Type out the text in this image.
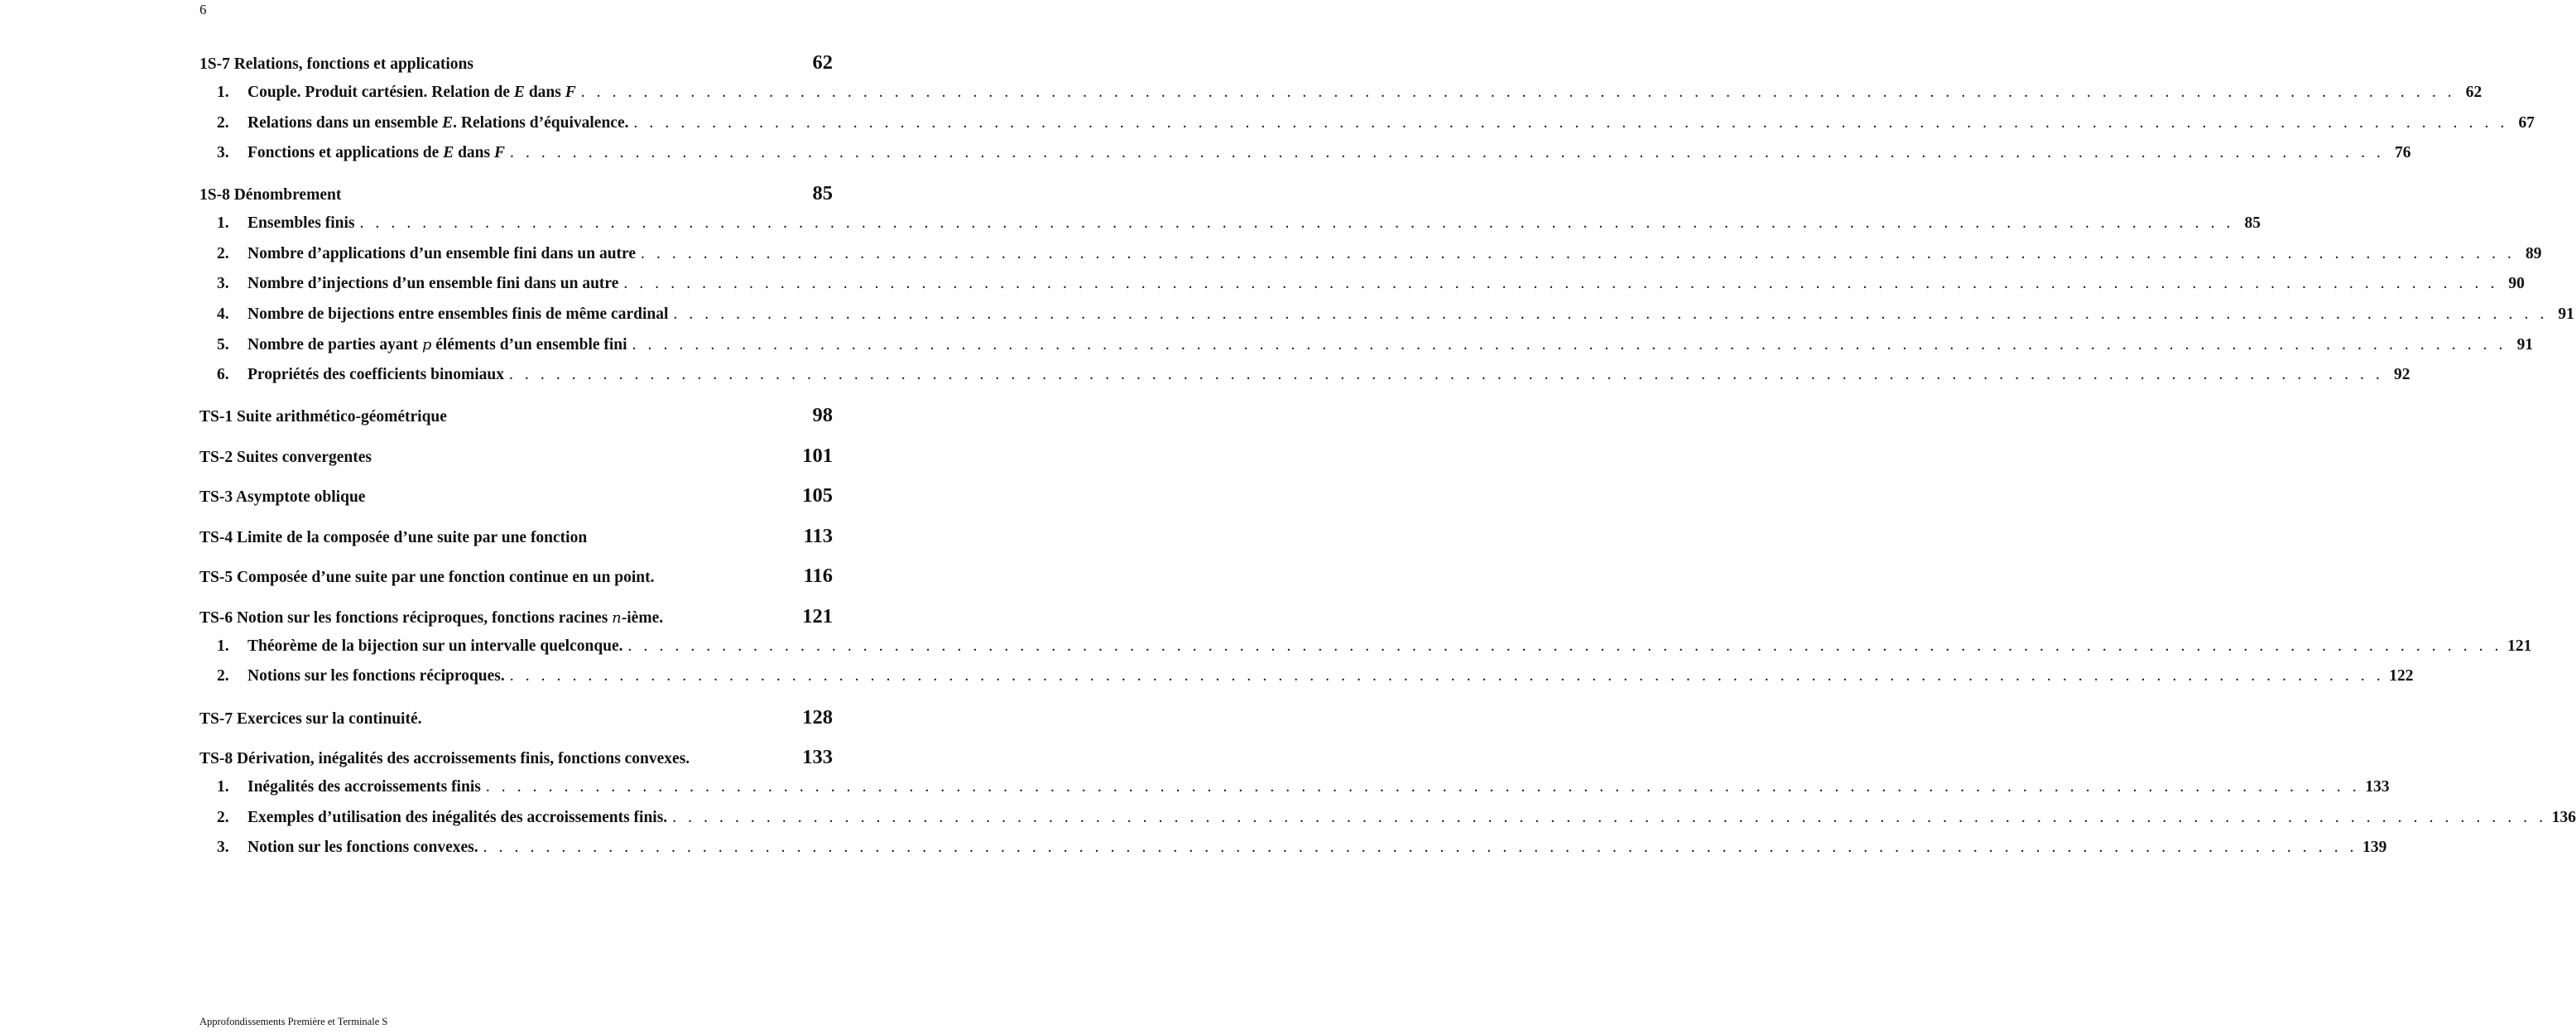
6
1S-7 Relations, fonctions et applications	62
1.	Couple. Produit cartésien. Relation de E dans F . . . . . . . . . . . . . . . . . . . . . . . . . . . . . . . . . . . . . . . . . . . . . . . . . . . . . . . . . . . . . . . . . . . . . . . . . . . . . . . . . . . . . . . . . . . . . . . . . . . . . . . . . . . . . . . . . . . . . . . . 62
2.	Relations dans un ensemble E. Relations d’équivalence. . . . . . . . . . . . . . . . . . . . . . . . . . . . . . . . . . . . . . . . . . . . . . . . . . . . . . . . . . . . . . . . . . . . . . . . . . . . . . . . . . . . . . . . . . . . . . . . . . . . . . . . . . . . . . . . . . . . . . . . . 67
3.	Fonctions et applications de E dans F . . . . . . . . . . . . . . . . . . . . . . . . . . . . . . . . . . . . . . . . . . . . . . . . . . . . . . . . . . . . . . . . . . . . . . . . . . . . . . . . . . . . . . . . . . . . . . . . . . . . . . . . . . . . . . . . . . . . . . . . 76
1S-8 Dénombrement	85
1.	Ensembles finis . . . . . . . . . . . . . . . . . . . . . . . . . . . . . . . . . . . . . . . . . . . . . . . . . . . . . . . . . . . . . . . . . . . . . . . . . . . . . . . . . . . . . . . . . . . . . . . . . . . . . . . . . . . . . . . . . . . . . . . . 85
2.	Nombre d’applications d’un ensemble fini dans un autre . . . . . . . . . . . . . . . . . . . . . . . . . . . . . . . . . . . . . . . . . . . . . . . . . . . . . . . . . . . . . . . . . . . . . . . . . . . . . . . . . . . . . . . . . . . . . . . . . . . . . . . . . . . . . . . . . . . . . . . . 89
3.	Nombre d’injections d’un ensemble fini dans un autre . . . . . . . . . . . . . . . . . . . . . . . . . . . . . . . . . . . . . . . . . . . . . . . . . . . . . . . . . . . . . . . . . . . . . . . . . . . . . . . . . . . . . . . . . . . . . . . . . . . . . . . . . . . . . . . . . . . . . . . . 90
4.	Nombre de bijections entre ensembles finis de même cardinal . . . . . . . . . . . . . . . . . . . . . . . . . . . . . . . . . . . . . . . . . . . . . . . . . . . . . . . . . . . . . . . . . . . . . . . . . . . . . . . . . . . . . . . . . . . . . . . . . . . . . . . . . . . . . . . . . . . . . . . . 91
5.	Nombre de parties ayant p éléments d’un ensemble fini . . . . . . . . . . . . . . . . . . . . . . . . . . . . . . . . . . . . . . . . . . . . . . . . . . . . . . . . . . . . . . . . . . . . . . . . . . . . . . . . . . . . . . . . . . . . . . . . . . . . . . . . . . . . . . . . . . . . . . . . 91
6.	Propriétés des coefficients binomiaux . . . . . . . . . . . . . . . . . . . . . . . . . . . . . . . . . . . . . . . . . . . . . . . . . . . . . . . . . . . . . . . . . . . . . . . . . . . . . . . . . . . . . . . . . . . . . . . . . . . . . . . . . . . . . . . . . . . . . . . . 92
TS-1 Suite arithmético-géométrique	98
TS-2 Suites convergentes	101
TS-3 Asymptote oblique	105
TS-4 Limite de la composée d’une suite par une fonction	113
TS-5 Composée d’une suite par une fonction continue en un point.	116
TS-6 Notion sur les fonctions réciproques, fonctions racines n-ième.	121
1.	Théorème de la bijection sur un intervalle quelconque. . . . . . . . . . . . . . . . . . . . . . . . . . . . . . . . . . . . . . . . . . . . . . . . . . . . . . . . . . . . . . . . . . . . . . . . . . . . . . . . . . . . . . . . . . . . . . . . . . . . . . . . . . . . . . . . . . . . . . . . . 121
2.	Notions sur les fonctions réciproques. . . . . . . . . . . . . . . . . . . . . . . . . . . . . . . . . . . . . . . . . . . . . . . . . . . . . . . . . . . . . . . . . . . . . . . . . . . . . . . . . . . . . . . . . . . . . . . . . . . . . . . . . . . . . . . . . . . . . . . . . 122
TS-7 Exercices sur la continuité.	128
TS-8 Dérivation, inégalités des accroissements finis, fonctions convexes.	133
1.	Inégalités des accroissements finis . . . . . . . . . . . . . . . . . . . . . . . . . . . . . . . . . . . . . . . . . . . . . . . . . . . . . . . . . . . . . . . . . . . . . . . . . . . . . . . . . . . . . . . . . . . . . . . . . . . . . . . . . . . . . . . . . . . . . . . . 133
2.	Exemples d’utilisation des inégalités des accroissements finis. . . . . . . . . . . . . . . . . . . . . . . . . . . . . . . . . . . . . . . . . . . . . . . . . . . . . . . . . . . . . . . . . . . . . . . . . . . . . . . . . . . . . . . . . . . . . . . . . . . . . . . . . . . . . . . . . . . . . . . . . 136
3.	Notion sur les fonctions convexes. . . . . . . . . . . . . . . . . . . . . . . . . . . . . . . . . . . . . . . . . . . . . . . . . . . . . . . . . . . . . . . . . . . . . . . . . . . . . . . . . . . . . . . . . . . . . . . . . . . . . . . . . . . . . . . . . . . . . . . . . 139
Approfondissements Première et Terminale S
